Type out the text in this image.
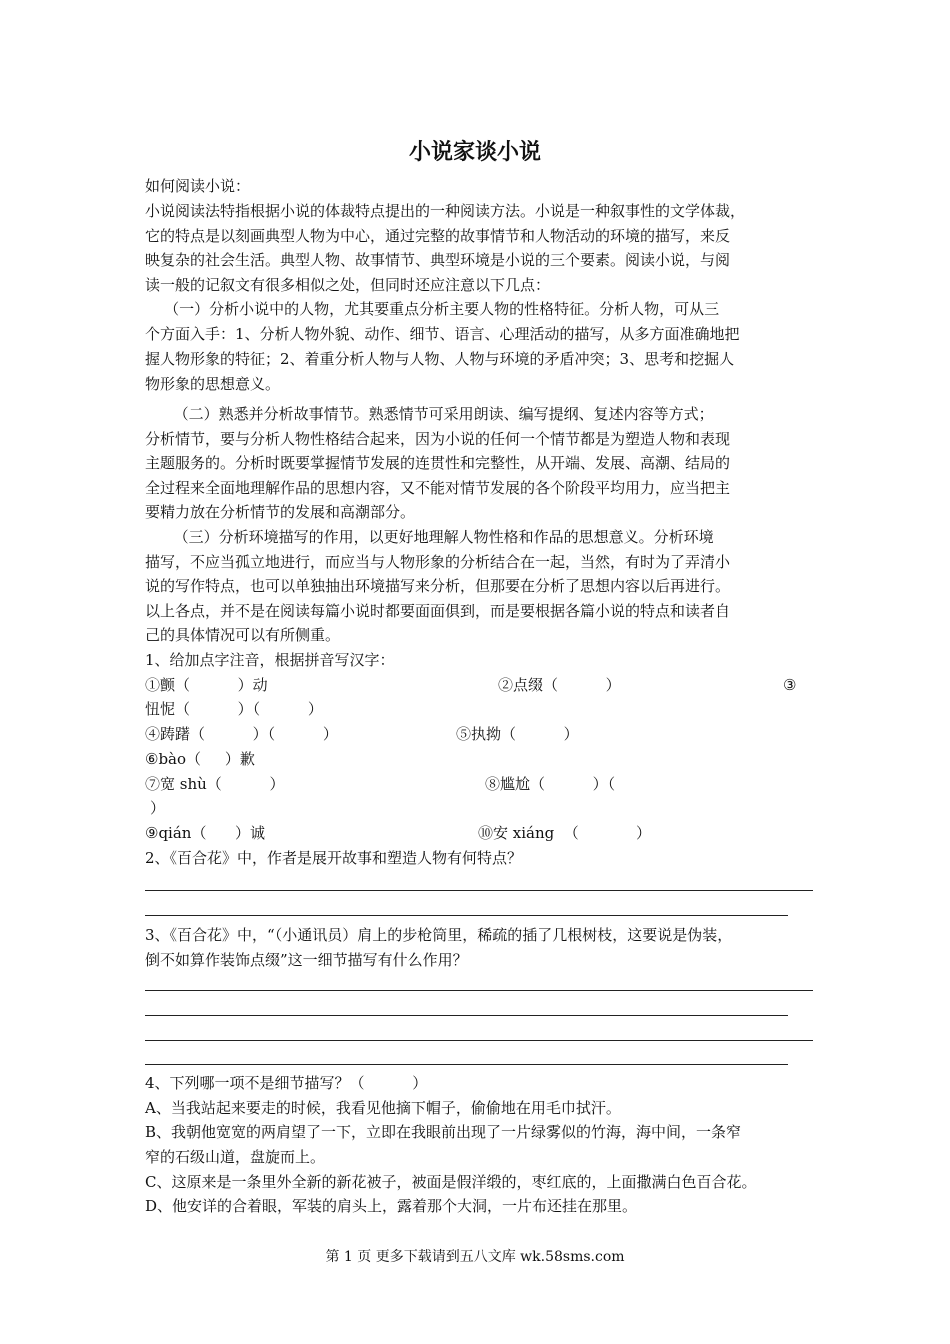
小说家谈小说
如何阅读小说：
小说阅读法特指根据小说的体裁特点提出的一种阅读方法。小说是一种叙事性的文学体裁，
它的特点是以刻画典型人物为中心，通过完整的故事情节和人物活动的环境的描写，来反
映复杂的社会生活。典型人物、故事情节、典型环境是小说的三个要素。阅读小说，与阅
读一般的记叙文有很多相似之处，但同时还应注意以下几点：
（一）分析小说中的人物，尤其要重点分析主要人物的性格特征。分析人物，可从三
个方面入手：1、分析人物外貌、动作、细节、语言、心理活动的描写，从多方面准确地把
握人物形象的特征；2、着重分析人物与人物、人物与环境的矛盾冲突；3、思考和挖掘人
物形象的思想意义。
（二）熟悉并分析故事情节。熟悉情节可采用朗读、编写提纲、复述内容等方式；
分析情节，要与分析人物性格结合起来，因为小说的任何一个情节都是为塑造人物和表现
主题服务的。分析时既要掌握情节发展的连贯性和完整性，从开端、发展、高潮、结局的
全过程来全面地理解作品的思想内容，又不能对情节发展的各个阶段平均用力，应当把主
要精力放在分析情节的发展和高潮部分。
（三）分析环境描写的作用，以更好地理解人物性格和作品的思想意义。分析环境
描写，不应当孤立地进行，而应当与人物形象的分析结合在一起，当然，有时为了弄清小
说的写作特点，也可以单独抽出环境描写来分析，但那要在分析了思想内容以后再进行。
以上各点，并不是在阅读每篇小说时都要面面俱到，而是要根据各篇小说的特点和读者自
己的具体情况可以有所侧重。
1、给加点字注音，根据拼音写汉字：
①颤（          ）动	②点缀（          ）	③
忸怩（          ）（          ）
④踌躇（          ）（          ）	⑤执拗（          ）
⑥bào（     ）歉
⑦宽 shù（          ）	⑧尴尬（          ）（
）
⑨qián（      ）诚	⑩安 xiáng  （            ）
2、《百合花》中，作者是展开故事和塑造人物有何特点？
3、《百合花》中，“（小通讯员）肩上的步枪筒里，稀疏的插了几根树枝，这要说是伪装，
倒不如算作装饰点缀”这一细节描写有什么作用？
4、下列哪一项不是细节描写？（          ）
A、当我站起来要走的时候，我看见他摘下帽子，偷偷地在用毛巾拭汗。
B、我朝他宽宽的两肩望了一下，立即在我眼前出现了一片绿雾似的竹海，海中间，一条窄
窄的石级山道，盘旋而上。
C、这原来是一条里外全新的新花被子，被面是假洋缎的，枣红底的，上面撒满白色百合花。
D、他安详的合着眼，军装的肩头上，露着那个大洞，一片布还挂在那里。
第 1 页 更多下载请到五八文库 wk.58sms.com
